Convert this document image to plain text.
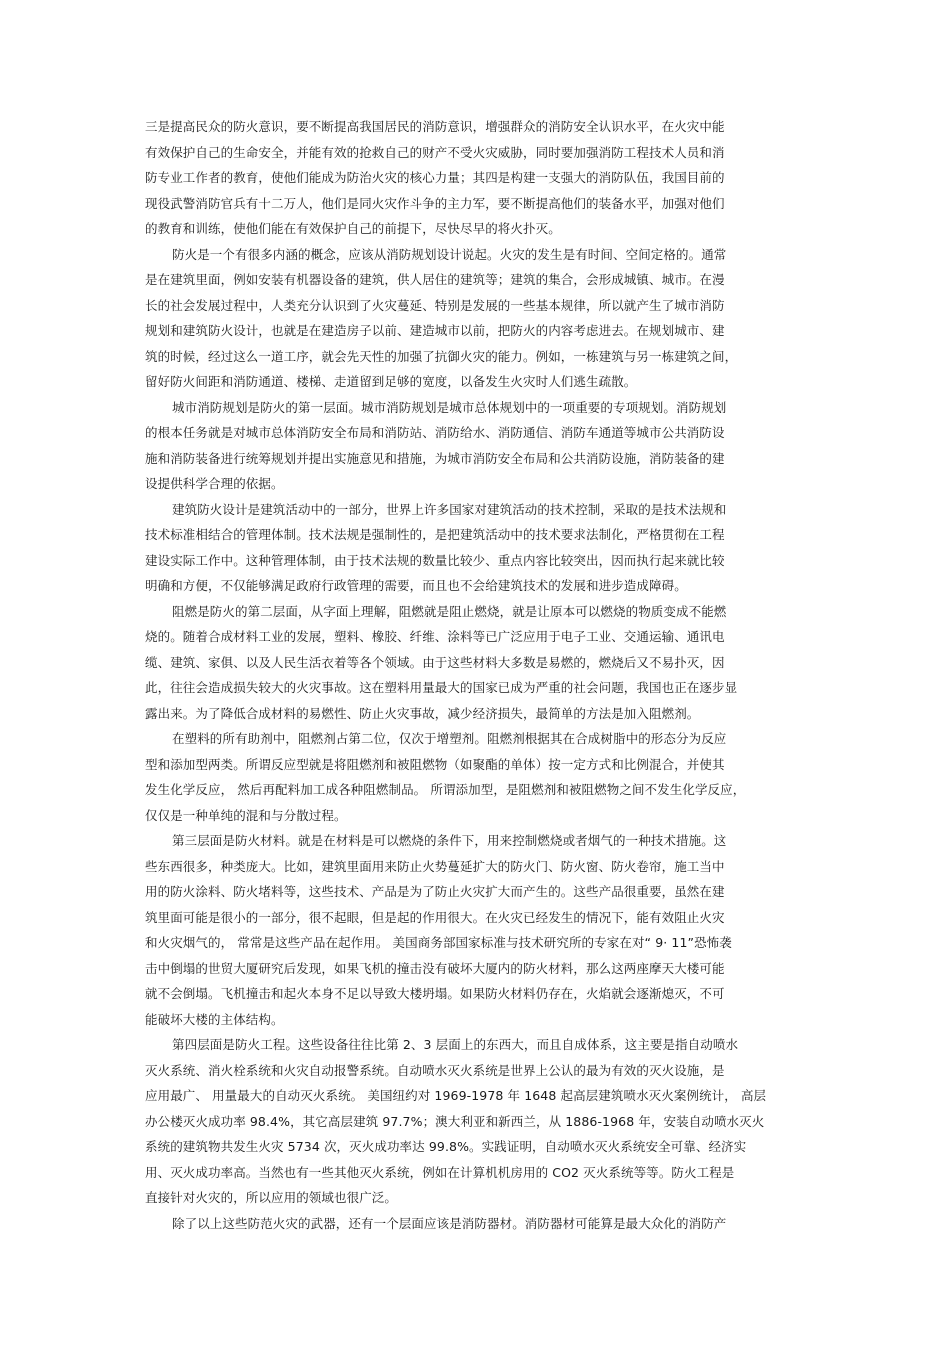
三是提高民众的防火意识，要不断提高我国居民的消防意识，增强群众的消防安全认识水平，在火灾中能
有效保护自己的生命安全，并能有效的抢救自己的财产不受火灾威胁，同时要加强消防工程技术人员和消
防专业工作者的教育，使他们能成为防治火灾的核心力量；其四是构建一支强大的消防队伍，我国目前的
现役武警消防官兵有十二万人，他们是同火灾作斗争的主力军，要不断提高他们的装备水平，加强对他们
的教育和训练，使他们能在有效保护自己的前提下，尽快尽早的将火扑灭。
防火是一个有很多内涵的概念，应该从消防规划设计说起。火灾的发生是有时间、空间定格的。通常
是在建筑里面，例如安装有机器设备的建筑，供人居住的建筑等；建筑的集合，会形成城镇、城市。在漫
长的社会发展过程中，人类充分认识到了火灾蔓延、特别是发展的一些基本规律，所以就产生了城市消防
规划和建筑防火设计，也就是在建造房子以前、建造城市以前，把防火的内容考虑进去。在规划城市、建
筑的时候，经过这么一道工序，就会先天性的加强了抗御火灾的能力。例如，一栋建筑与另一栋建筑之间，
留好防火间距和消防通道、楼梯、走道留到足够的宽度，以备发生火灾时人们逃生疏散。
城市消防规划是防火的第一层面。城市消防规划是城市总体规划中的一项重要的专项规划。消防规划
的根本任务就是对城市总体消防安全布局和消防站、消防给水、消防通信、消防车通道等城市公共消防设
施和消防装备进行统筹规划并提出实施意见和措施，为城市消防安全布局和公共消防设施，消防装备的建
设提供科学合理的依据。
建筑防火设计是建筑活动中的一部分，世界上许多国家对建筑活动的技术控制，采取的是技术法规和
技术标准相结合的管理体制。技术法规是强制性的，是把建筑活动中的技术要求法制化，严格贯彻在工程
建设实际工作中。这种管理体制，由于技术法规的数量比较少、重点内容比较突出，因而执行起来就比较
明确和方便，不仅能够满足政府行政管理的需要，而且也不会给建筑技术的发展和进步造成障碍。
阻燃是防火的第二层面，从字面上理解，阻燃就是阻止燃烧，就是让原本可以燃烧的物质变成不能燃
烧的。随着合成材料工业的发展，塑料、橡胶、纤维、涂料等已广泛应用于电子工业、交通运输、通讯电
缆、建筑、家俱、以及人民生活衣着等各个领域。由于这些材料大多数是易燃的，燃烧后又不易扑灭，因
此，往往会造成损失较大的火灾事故。这在塑料用量最大的国家已成为严重的社会问题，我国也正在逐步显
露出来。为了降低合成材料的易燃性、防止火灾事故，减少经济损失，最简单的方法是加入阻燃剂。
在塑料的所有助剂中，阻燃剂占第二位，仅次于增塑剂。阻燃剂根据其在合成树脂中的形态分为反应
型和添加型两类。所谓反应型就是将阻燃剂和被阻燃物（如聚酯的单体）按一定方式和比例混合，并使其
发生化学反应， 然后再配料加工成各种阻燃制品。 所谓添加型，是阻燃剂和被阻燃物之间不发生化学反应，
仅仅是一种单纯的混和与分散过程。
第三层面是防火材料。就是在材料是可以燃烧的条件下，用来控制燃烧或者烟气的一种技术措施。这
些东西很多，种类庞大。比如，建筑里面用来防止火势蔓延扩大的防火门、防火窗、防火卷帘，施工当中
用的防火涂料、防火堵料等，这些技术、产品是为了防止火灾扩大而产生的。这些产品很重要，虽然在建
筑里面可能是很小的一部分，很不起眼，但是起的作用很大。在火灾已经发生的情况下，能有效阻止火灾
和火灾烟气的， 常常是这些产品在起作用。 美国商务部国家标准与技术研究所的专家在对“ 9· 11”恐怖袭
击中倒塌的世贸大厦研究后发现，如果飞机的撞击没有破坏大厦内的防火材料，那么这两座摩天大楼可能
就不会倒塌。飞机撞击和起火本身不足以导致大楼坍塌。如果防火材料仍存在，火焰就会逐渐熄灭，不可
能破坏大楼的主体结构。
第四层面是防火工程。这些设备往往比第 2、3 层面上的东西大，而且自成体系，这主要是指自动喷水
灭火系统、消火栓系统和火灾自动报警系统。自动喷水灭火系统是世界上公认的最为有效的灭火设施，是
应用最广、 用量最大的自动灭火系统。 美国纽约对 1969-1978 年 1648 起高层建筑喷水灭火案例统计， 高层
办公楼灭火成功率 98.4%，其它高层建筑 97.7%；澳大利亚和新西兰，从 1886-1968 年，安装自动喷水灭火
系统的建筑物共发生火灾 5734 次，灭火成功率达 99.8%。实践证明，自动喷水灭火系统安全可靠、经济实
用、灭火成功率高。当然也有一些其他灭火系统，例如在计算机机房用的 CO2 灭火系统等等。防火工程是
直接针对火灾的，所以应用的领域也很广泛。
除了以上这些防范火灾的武器，还有一个层面应该是消防器材。消防器材可能算是最大众化的消防产
